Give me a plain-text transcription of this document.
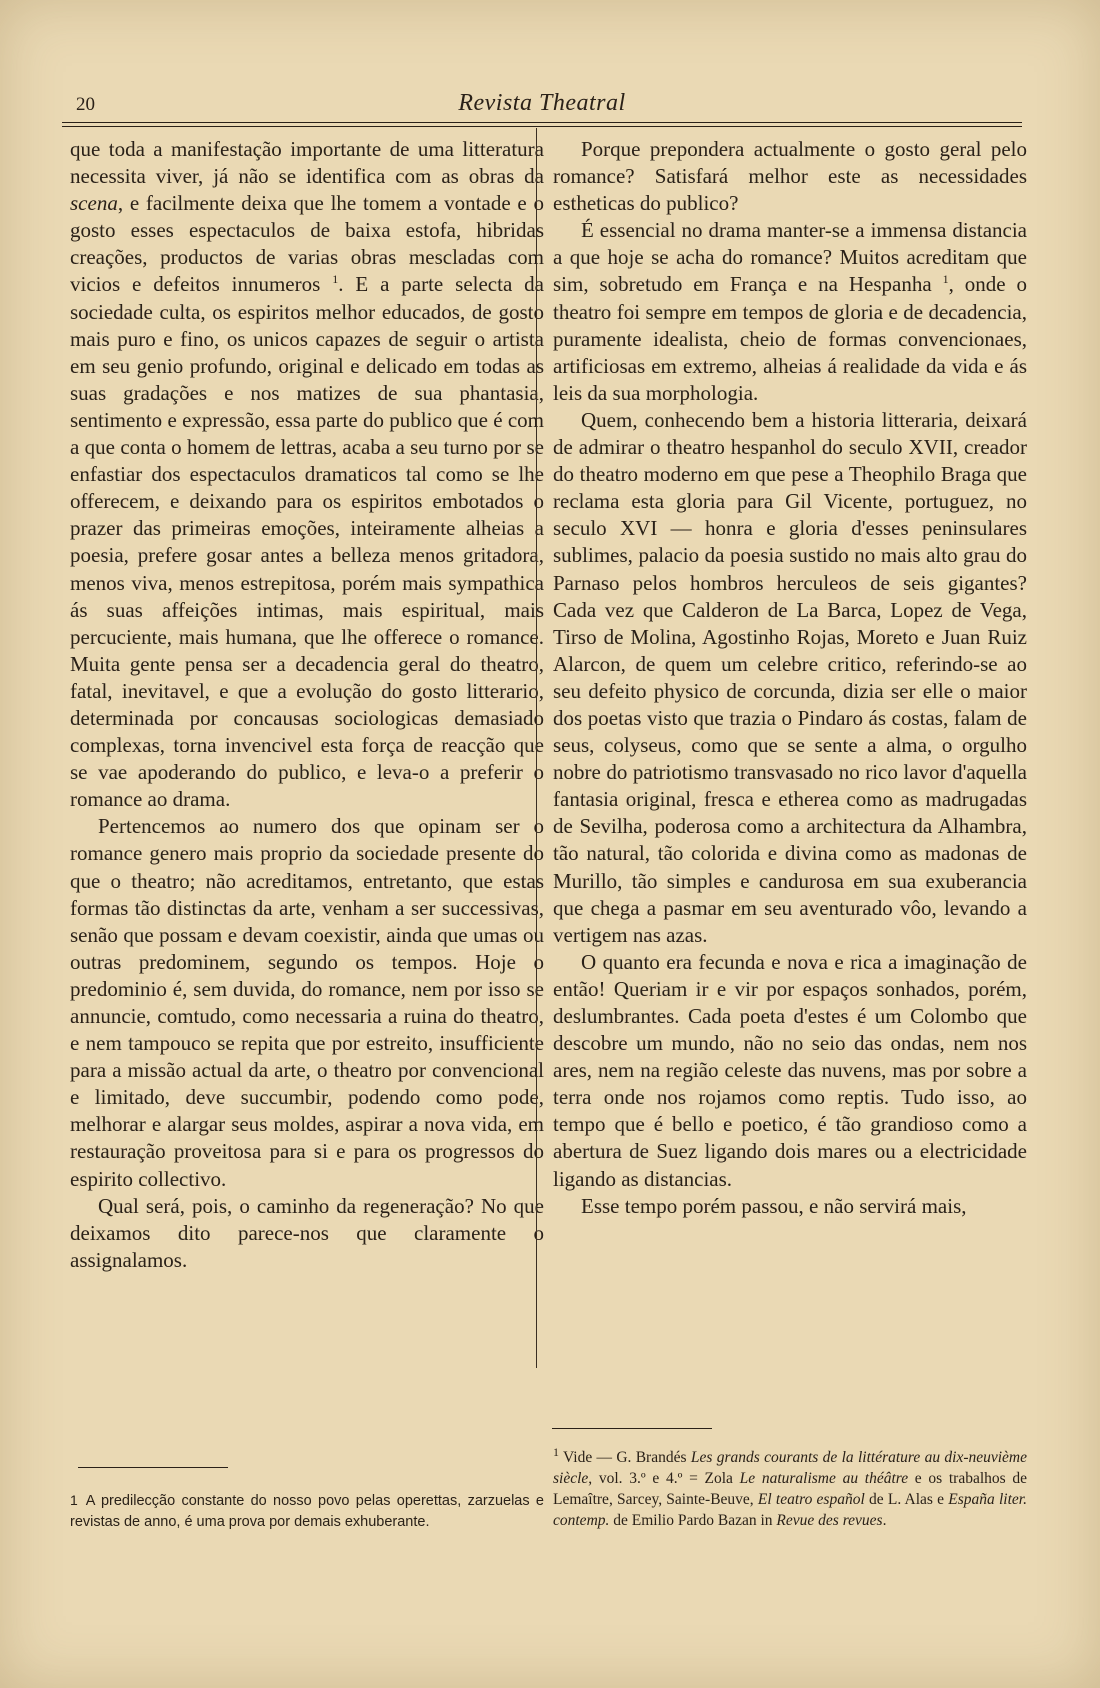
20	Revista Theatral

que toda a manifestação importante de uma litteratura necessita viver, já não se identifica com as obras da scena, e facilmente deixa que lhe tomem a vontade e o gosto esses espectaculos de baixa estofa, hibridas creações, productos de varias obras mescladas com vicios e defeitos innumeros $^1$. E a parte selecta da sociedade culta, os espiritos melhor educados, de gosto mais puro e fino, os unicos capazes de seguir o artista em seu genio profundo, original e delicado em todas as suas gradações e nos matizes de sua phantasia, sentimento e expressão, essa parte do publico que é com a que conta o homem de lettras, acaba a seu turno por se enfastiar dos espectaculos dramaticos tal como se lhe offerecem, e deixando para os espiritos embotados o prazer das primeiras emoções, inteiramente alheias a poesia, prefere gosar antes a belleza menos gritadora, menos viva, menos estrepitosa, porém mais sympathica ás suas affeições intimas, mais espiritual, mais percuciente, mais humana, que lhe offerece o romance. Muita gente pensa ser a decadencia geral do theatro, fatal, inevitavel, e que a evolução do gosto litterario, determinada por concausas sociologicas demasiado complexas, torna invencivel esta força de reacção que se vae apoderando do publico, e leva-o a preferir o romance ao drama.

Pertencemos ao numero dos que opinam ser o romance genero mais proprio da sociedade presente do que o theatro; não acreditamos, entretanto, que estas formas tão distinctas da arte, venham a ser successivas, senão que possam e devam coexistir, ainda que umas ou outras predominem, segundo os tempos. Hoje o predominio é, sem duvida, do romance, nem por isso se annuncie, comtudo, como necessaria a ruina do theatro, e nem tampouco se repita que por estreito, insufficiente para a missão actual da arte, o theatro por convencional e limitado, deve succumbir, podendo como pode, melhorar e alargar seus moldes, aspirar a nova vida, em restauração proveitosa para si e para os progressos do espirito collectivo.

Qual será, pois, o caminho da regeneração? No que deixamos dito parece-nos que claramente o assignalamos.

Porque prepondera actualmente o gosto geral pelo romance? Satisfará melhor este as necessidades estheticas do publico?

É essencial no drama manter-se a immensa distancia a que hoje se acha do romance? Muitos acreditam que sim, sobretudo em França e na Hespanha $^1$, onde o theatro foi sempre em tempos de gloria e de decadencia, puramente idealista, cheio de formas convencionaes, artificiosas em extremo, alheias á realidade da vida e ás leis da sua morphologia.

Quem, conhecendo bem a historia litteraria, deixará de admirar o theatro hespanhol do seculo XVII, creador do theatro moderno em que pese a Theophilo Braga que reclama esta gloria para Gil Vicente, portuguez, no seculo XVI — honra e gloria d'esses peninsulares sublimes, palacio da poesia sustido no mais alto grau do Parnaso pelos hombros herculeos de seis gigantes? Cada vez que Calderon de La Barca, Lopez de Vega, Tirso de Molina, Agostinho Rojas, Moreto e Juan Ruiz Alarcon, de quem um celebre critico, referindo-se ao seu defeito physico de corcunda, dizia ser elle o maior dos poetas visto que trazia o Pindaro ás costas, falam de seus, colyseus, como que se sente a alma, o orgulho nobre do patriotismo transvasado no rico lavor d'aquella fantasia original, fresca e etherea como as madrugadas de Sevilha, poderosa como a architectura da Alhambra, tão natural, tão colorida e divina como as madonas de Murillo, tão simples e candurosa em sua exuberancia que chega a pasmar em seu aventurado vôo, levando a vertigem nas azas.

O quanto era fecunda e nova e rica a imaginação de então! Queriam ir e vir por espaços sonhados, porém, deslumbrantes. Cada poeta d'estes é um Colombo que descobre um mundo, não no seio das ondas, nem nos ares, nem na região celeste das nuvens, mas por sobre a terra onde nos rojamos como reptis. Tudo isso, ao tempo que é bello e poetico, é tão grandioso como a abertura de Suez ligando dois mares ou a electricidade ligando as distancias.

Esse tempo porém passou, e não servirá mais,

1 A predilecção constante do nosso povo pelas operettas, zarzuelas e revistas de anno, é uma prova por demais exhuberante.
$^1$ Vide — G. Brandés Les grands courants de la littérature au dix-neuvième siècle, vol. 3.º e 4.º = Zola Le naturalisme au théâtre e os trabalhos de Lemaître, Sarcey, Sainte-Beuve, El teatro español de L. Alas e España liter. contemp. de Emilio Pardo Bazan in Revue des revues.
